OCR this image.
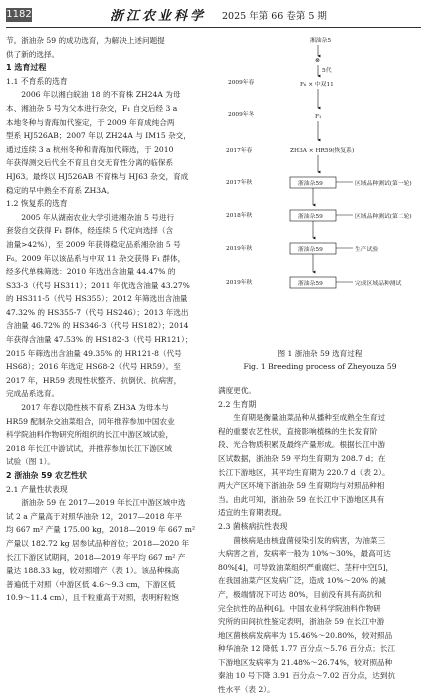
1182	浙江农业科学 2025 年第 66 卷第 5 期

节。浙油杂 59 的成功选育，为解决上述问题提

供了新的选择。

1 选育过程

1.1 不育系的选育

2006 年以湘白皖油 18 的不育株 ZH24A 为母

本、湘油杂 5 号为父本进行杂交，F₁ 自交后经 3 a

本地冬种与青海加代鉴定，于 2009 年育成纯合两

型系 HJ526AB；2007 年以 ZH24A 与 IM15 杂交，

通过连续 3 a 杭州冬种和青海加代筛选，于 2010

年获得测交后代全不育且自交无育性分离的临保系

HJ63。最终以 HJ526AB 不育株与 HJ63 杂交，育成

稳定的早中熟全不育系 ZH3A。

1.2 恢复系的选育

2005 年从湖南农业大学引进湘杂油 5 号进行

套袋自交获得 F₁ 群体，经连续 5 代定向选择（含

油量>42%），至 2009 年获得稳定品系湘杂油 5 号

F₆。2009 年以该品系与中双 11 杂交获得 F₁ 群体，

经多代单株筛选：2010 年选出含油量 44.47% 的

S33-3（代号 HS311）；2011 年优选含油量 43.27%

的 HS311-5（代号 HS355）；2012 年筛选出含油量

47.32% 的 HS355-7（代号 HS246）；2013 年选出

含油量 46.72% 的 HS346-3（代号 HS182）；2014

年获得含油量 47.53% 的 HS182-3（代号 HR121）；

2015 年筛选出含油量 49.35% 的 HR121-8（代号

HS68）；2016 年选定 HS68-2（代号 HR59）。至

2017 年，HR59 表现性状整齐、抗倒伏、抗病害，

完成品系选育。

2017 年春以隐性核不育系 ZH3A 为母本与

HR59 配制杂交油菜组合，同年推荐参加中国农业

科学院油料作物研究所组织的长江中游区域试验，

2018 年长江中游试试，并推荐参加长江下游区域

试验（图 1）。

2 浙油杂 59 农艺性状

2.1 产量性状表现

浙油杂 59 在 2017—2019 年长江中游区域中选

试 2 a 产量高于对照华油杂 12，2017—2018 年平

均 667 m² 产量 175.00 kg，2018—2019 年 667 m²

产量以 182.72 kg 居参试品种首位；2018—2020 年

长江下游区试期间，2018—2019 年平均 667 m² 产

量达 188.33 kg，较对照增产（表 1）。该品种株高

普遍低于对照（中游区低 4.6～9.3 cm，下游区低

10.9～11.4 cm），且千粒重高于对照，表明籽粒饱

2009年春
2009年冬
2017年春
2017年秋
2018年秋
2019年秋
2019年秋
湘油杂5
⊗
5代
F₆ × 中双11
F₁
ZH3A × HR59(恢复系)
浙油杂59	区域品种测试(第一轮)
浙油杂59	区域品种测试(第二轮)
浙油杂59	生产试验
浙油杂59	完成区域品种测试
图 1 浙油杂 59 选育过程
Fig. 1 Breeding process of Zheyouza 59

满度更优。

2.2 生育期

生育期是衡量油菜品种从播种至成熟全生育过

程的重要农艺性状，直接影响植株的生长发育阶

段、光合物质积累及最终产量形成。根据长江中游

区试数据，浙油杂 59 平均生育期为 208.7 d；在

长江下游地区，其平均生育期为 220.7 d（表 2）。

两大产区环境下浙油杂 59 生育期均与对照品种相

当。由此可知，浙油杂 59 在长江中下游地区具有

适宜的生育期表现。

2.3 菌核病抗性表现

菌核病是由核盘菌侵染引发的病害，为油菜三

大病害之首，发病率一般为 10%～30%，最高可达

80%[4]，可导致油菜组织严重腐烂、茎秆中空[5]，

在我国油菜产区发病广泛，造成 10%～20% 的减

产，极端情况下可达 80%，目前没有具有高抗和

完全抗性的品种[6]。中国农业科学院油料作物研

究所的田间抗性鉴定表明，浙油杂 59 在长江中游

地区菌核病发病率为 15.46%～20.80%，较对照品

种华油杂 12 降低 1.77 百分点～5.76 百分点；长江

下游地区发病率为 21.48%～26.74%，较对照品种

秦油 10 号下降 3.91 百分点～7.02 百分点，达到抗

性水平（表 2）。
